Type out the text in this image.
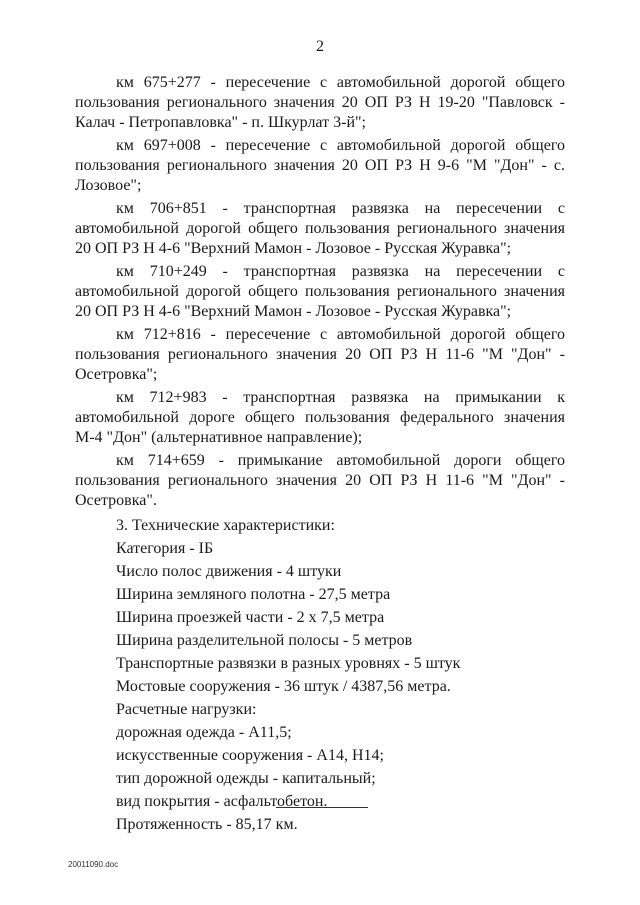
2

км 675+277 - пересечение с автомобильной дорогой общего пользования регионального значения 20 ОП РЗ Н 19-20 "Павловск - Калач - Петропавловка" - п. Шкурлат 3-й";

км 697+008 - пересечение с автомобильной дорогой общего пользования регионального значения 20 ОП РЗ Н 9-6 "М "Дон" - с. Лозовое";

км 706+851 - транспортная развязка на пересечении с автомобильной дорогой общего пользования регионального значения 20 ОП РЗ Н 4-6 "Верхний Мамон - Лозовое - Русская Журавка";

км 710+249 - транспортная развязка на пересечении с автомобильной дорогой общего пользования регионального значения 20 ОП РЗ Н 4-6 "Верхний Мамон - Лозовое - Русская Журавка";

км 712+816 - пересечение с автомобильной дорогой общего пользования регионального значения 20 ОП РЗ Н 11-6 "М "Дон" - Осетровка";

км 712+983 - транспортная развязка на примыкании к автомобильной дороге общего пользования федерального значения М-4 "Дон" (альтернативное направление);

км 714+659 - примыкание автомобильной дороги общего пользования регионального значения 20 ОП РЗ Н 11-6 "М "Дон" - Осетровка".

3. Технические характеристики:
Категория - IБ
Число полос движения - 4 штуки
Ширина земляного полотна - 27,5 метра
Ширина проезжей части - 2 х 7,5 метра
Ширина разделительной полосы - 5 метров
Транспортные развязки в разных уровнях - 5 штук
Мостовые сооружения - 36 штук / 4387,56 метра.
Расчетные нагрузки:
дорожная одежда - А11,5;
искусственные сооружения - А14, Н14;
тип дорожной одежды - капитальный;
вид покрытия - асфальтобетон.
Протяженность - 85,17 км.
20011090.doc
